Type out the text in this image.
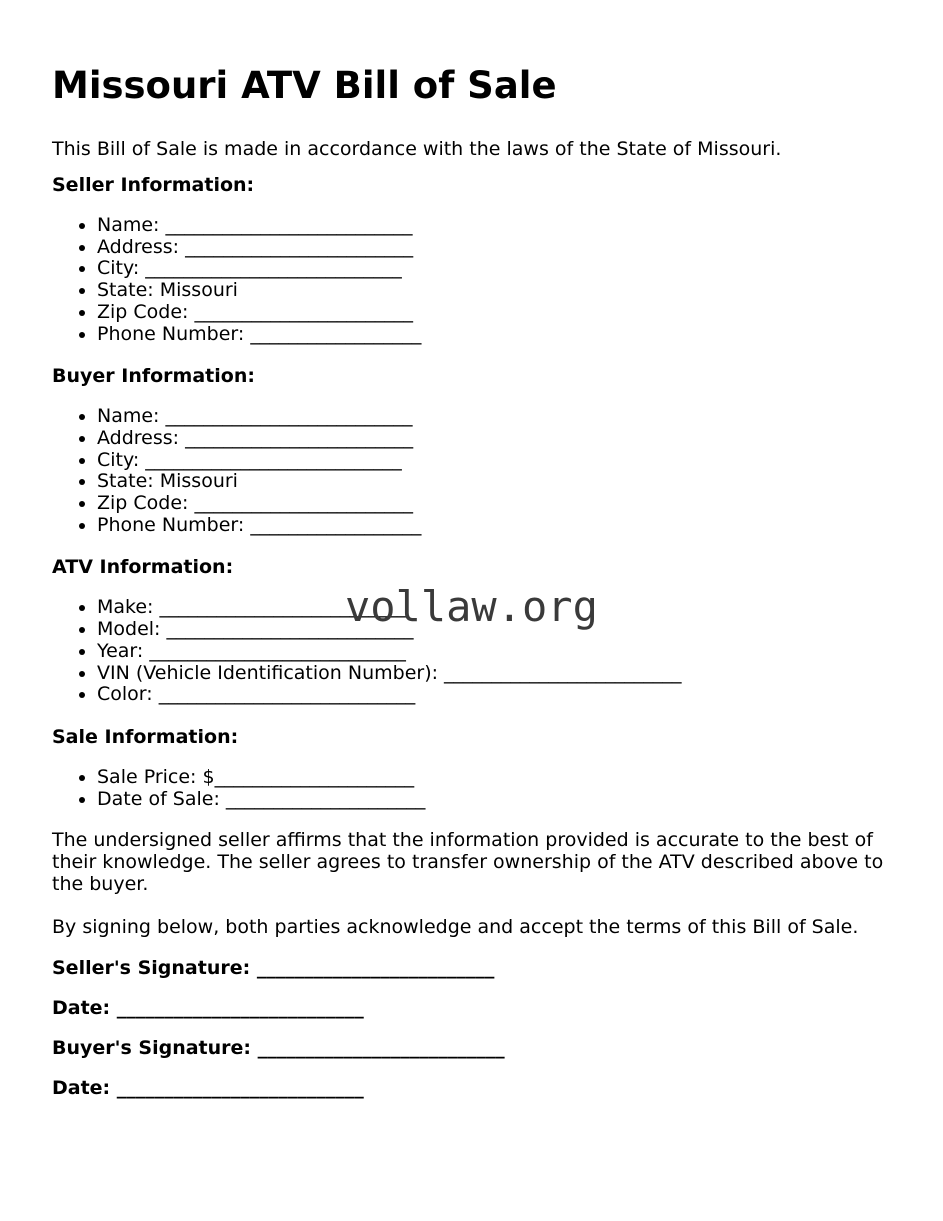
Missouri ATV Bill of Sale

This Bill of Sale is made in accordance with the laws of the State of Missouri.

Seller Information:
• Name: __________________________
• Address: ________________________
• City: ___________________________
• State: Missouri
• Zip Code: _______________________
• Phone Number: __________________
Buyer Information:
• Name: __________________________
• Address: ________________________
• City: ___________________________
• State: Missouri
• Zip Code: _______________________
• Phone Number: __________________
ATV Information:
• Make: __________________________
• Model: __________________________
• Year: ___________________________
• VIN (Vehicle Identification Number): _________________________
• Color: ___________________________
Sale Information:
• Sale Price: $_____________________
• Date of Sale: _____________________

The undersigned seller affirms that the information provided is accurate to the best of their knowledge. The seller agrees to transfer ownership of the ATV described above to the buyer.

By signing below, both parties acknowledge and accept the terms of this Bill of Sale.

Seller's Signature: _________________________

Date: __________________________

Buyer's Signature: __________________________

Date: __________________________

vollaw.org
